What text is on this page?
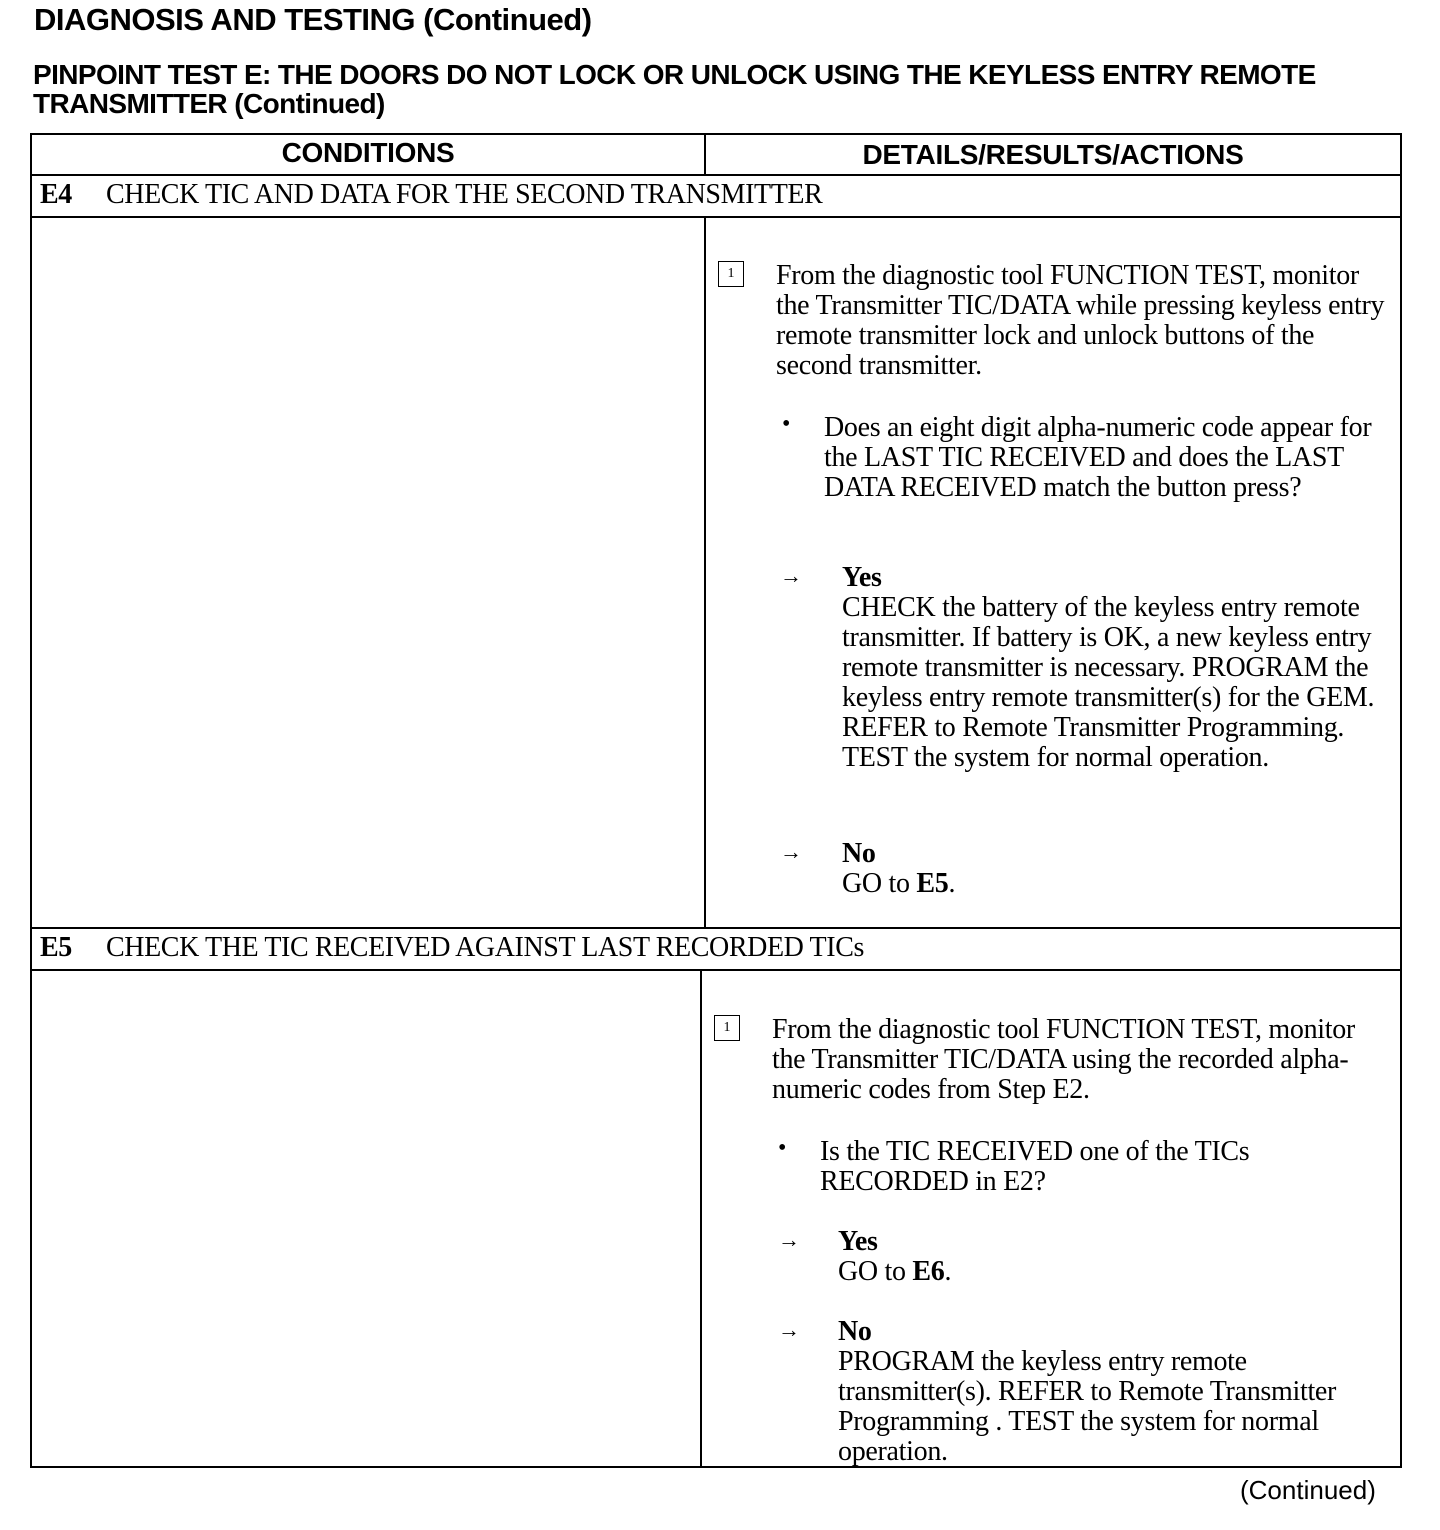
DIAGNOSIS AND TESTING (Continued)
PINPOINT TEST E: THE DOORS DO NOT LOCK OR UNLOCK USING THE KEYLESS ENTRY REMOTE TRANSMITTER (Continued)
CONDITIONS	DETAILS/RESULTS/ACTIONS
E4 CHECK TIC AND DATA FOR THE SECOND TRANSMITTER
1	From the diagnostic tool FUNCTION TEST, monitor the Transmitter TIC/DATA while pressing keyless entry remote transmitter lock and unlock buttons of the second transmitter.

• Does an eight digit alpha-numeric code appear for the LAST TIC RECEIVED and does the LAST DATA RECEIVED match the button press?

→ Yes
CHECK the battery of the keyless entry remote transmitter. If battery is OK, a new keyless entry remote transmitter is necessary. PROGRAM the keyless entry remote transmitter(s) for the GEM. REFER to Remote Transmitter Programming. TEST the system for normal operation.

→ No
GO to E5.

E5 CHECK THE TIC RECEIVED AGAINST LAST RECORDED TICs
1	From the diagnostic tool FUNCTION TEST, monitor the Transmitter TIC/DATA using the recorded alpha-numeric codes from Step E2.

• Is the TIC RECEIVED one of the TICs RECORDED in E2?

→ Yes
GO to E6.

→ No
PROGRAM the keyless entry remote transmitter(s). REFER to Remote Transmitter Programming . TEST the system for normal operation.

(Continued)
